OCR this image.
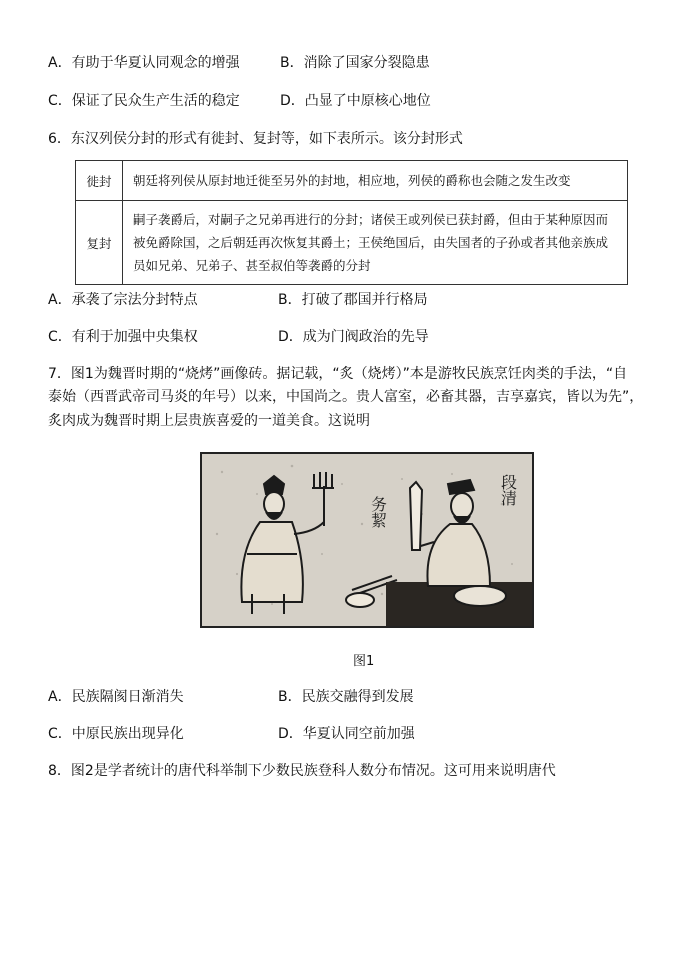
A．有助于华夏认同观念的增强	B．消除了国家分裂隐患
C．保证了民众生产生活的稳定	D．凸显了中原核心地位
6．东汉列侯分封的形式有徙封、复封等，如下表所示。该分封形式
徙封	朝廷将列侯从原封地迁徙至另外的封地，相应地，列侯的爵称也会随之发生改变
复封	嗣子袭爵后，对嗣子之兄弟再进行的分封；诸侯王或列侯已获封爵，但由于某种原因而被免爵除国，之后朝廷再次恢复其爵土；王侯绝国后，由失国者的子孙或者其他亲族成员如兄弟、兄弟子、甚至叔伯等袭爵的分封
A．承袭了宗法分封特点	B．打破了郡国并行格局
C．有利于加强中央集权	D．成为门阀政治的先导
7．图1为魏晋时期的“烧烤”画像砖。据记载，“炙（烧烤）”本是游牧民族烹饪肉类的手法，“自
泰始（西晋武帝司马炎的年号）以来，中国尚之。贵人富室，必畜其器，吉享嘉宾，皆以为先”，
炙肉成为魏晋时期上层贵族喜爱的一道美食。这说明
务絜
段清
图1
A．民族隔阂日渐消失	B．民族交融得到发展
C．中原民族出现异化	D．华夏认同空前加强
8．图2是学者统计的唐代科举制下少数民族登科人数分布情况。这可用来说明唐代
